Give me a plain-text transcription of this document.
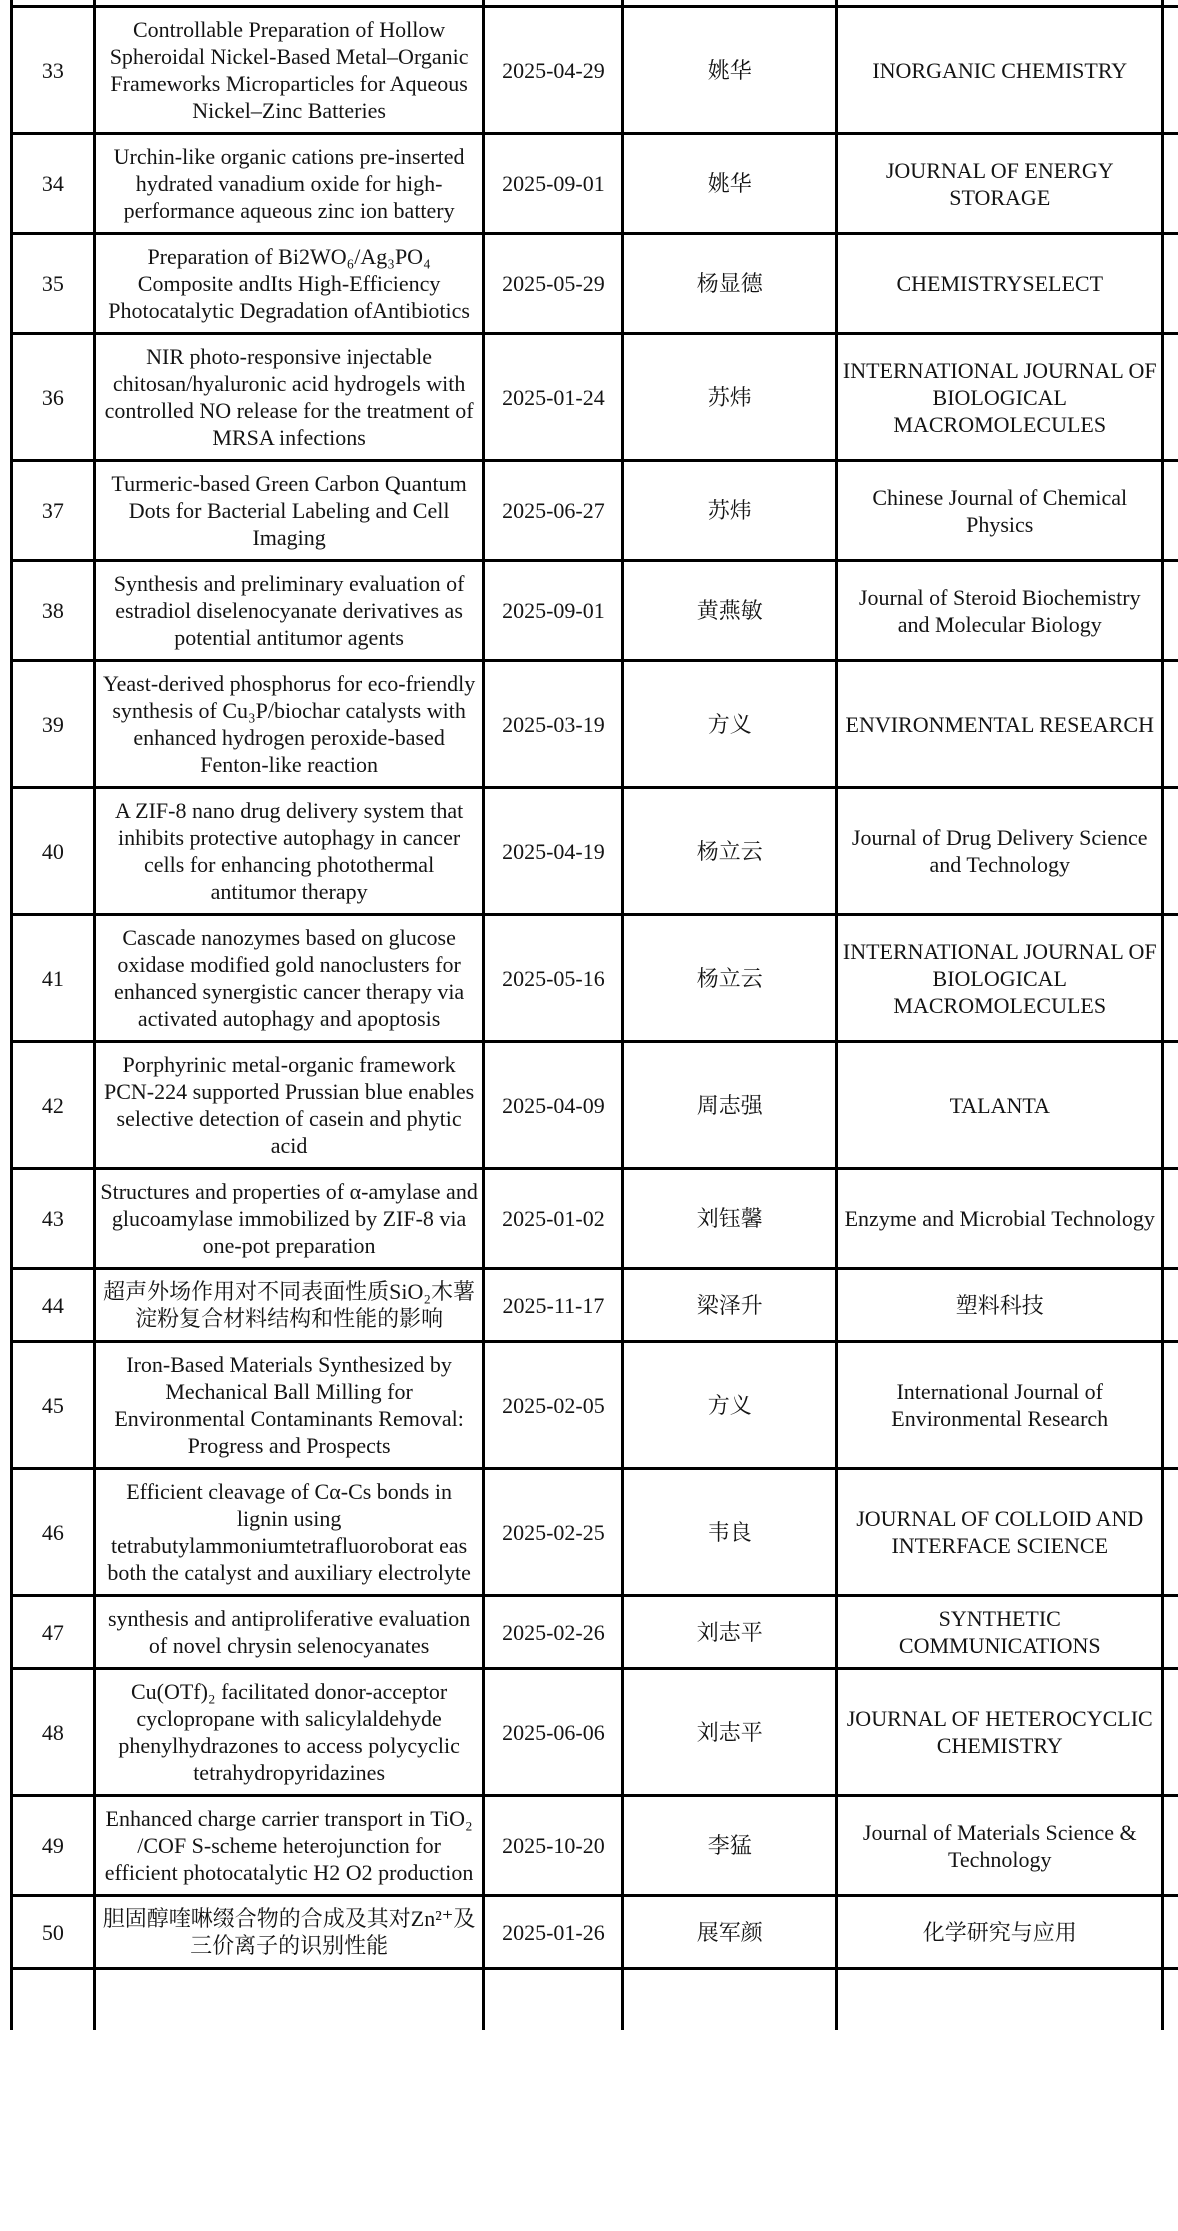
33	Controllable Preparation of Hollow Spheroidal Nickel-Based Metal–Organic Frameworks Microparticles for Aqueous Nickel–Zinc Batteries	2025-04-29	姚华	INORGANIC CHEMISTRY	
34	Urchin-like organic cations pre-inserted hydrated vanadium oxide for high-performance aqueous zinc ion battery	2025-09-01	姚华	JOURNAL OF ENERGY STORAGE	
35	Preparation of Bi2WO₆/Ag₃PO₄ Composite andIts High-Efficiency Photocatalytic Degradation ofAntibiotics	2025-05-29	杨显德	CHEMISTRYSELECT	
36	NIR photo-responsive injectable chitosan/hyaluronic acid hydrogels with controlled NO release for the treatment of MRSA infections	2025-01-24	苏炜	INTERNATIONAL JOURNAL OF BIOLOGICAL MACROMOLECULES	
37	Turmeric-based Green Carbon Quantum Dots for Bacterial Labeling and Cell Imaging	2025-06-27	苏炜	Chinese Journal of Chemical Physics	
38	Synthesis and preliminary evaluation of estradiol diselenocyanate derivatives as potential antitumor agents	2025-09-01	黄燕敏	Journal of Steroid Biochemistry and Molecular Biology	
39	Yeast-derived phosphorus for eco-friendly synthesis of Cu₃P/biochar catalysts with enhanced hydrogen peroxide-based Fenton-like reaction	2025-03-19	方义	ENVIRONMENTAL RESEARCH	
40	A ZIF-8 nano drug delivery system that inhibits protective autophagy in cancer cells for enhancing photothermal antitumor therapy	2025-04-19	杨立云	Journal of Drug Delivery Science and Technology	
41	Cascade nanozymes based on glucose oxidase modified gold nanoclusters for enhanced synergistic cancer therapy via activated autophagy and apoptosis	2025-05-16	杨立云	INTERNATIONAL JOURNAL OF BIOLOGICAL MACROMOLECULES	
42	Porphyrinic metal-organic framework PCN-224 supported Prussian blue enables selective detection of casein and phytic acid	2025-04-09	周志强	TALANTA	
43	Structures and properties of α-amylase and glucoamylase immobilized by ZIF-8 via one-pot preparation	2025-01-02	刘钰馨	Enzyme and Microbial Technology	
44	超声外场作用对不同表面性质SiO₂木薯淀粉复合材料结构和性能的影响	2025-11-17	梁泽升	塑料科技	
45	Iron-Based Materials Synthesized by Mechanical Ball Milling for Environmental Contaminants Removal: Progress and Prospects	2025-02-05	方义	International Journal of Environmental Research	
46	Efficient cleavage of Cα-Cs bonds in lignin using tetrabutylammoniumtetrafluoroborat eas both the catalyst and auxiliary electrolyte	2025-02-25	韦良	JOURNAL OF COLLOID AND INTERFACE SCIENCE	
47	synthesis and antiproliferative evaluation of novel chrysin selenocyanates	2025-02-26	刘志平	SYNTHETIC COMMUNICATIONS	
48	Cu(OTf)₂ facilitated donor-acceptor cyclopropane with salicylaldehyde phenylhydrazones to access polycyclic tetrahydropyridazines	2025-06-06	刘志平	JOURNAL OF HETEROCYCLIC CHEMISTRY	
49	Enhanced charge carrier transport in TiO₂ /COF S-scheme heterojunction for efficient photocatalytic H2 O2 production	2025-10-20	李猛	Journal of Materials Science & Technology	
50	胆固醇喹啉缀合物的合成及其对Zn²⁺及三价离子的识别性能	2025-01-26	展军颜	化学研究与应用	
